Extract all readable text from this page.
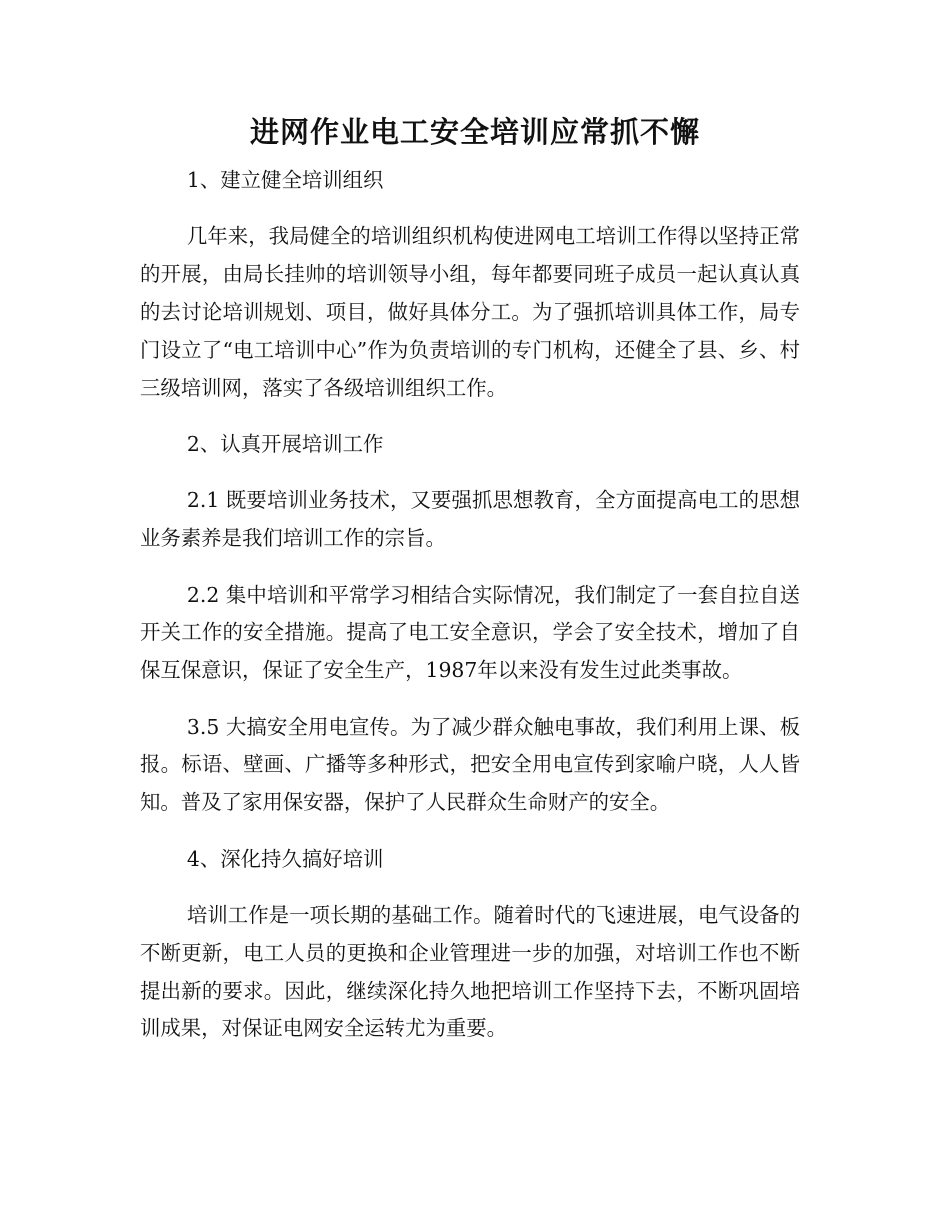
进网作业电工安全培训应常抓不懈

1、建立健全培训组织

几年来，我局健全的培训组织机构使进网电工培训工作得以坚持正常的开展，由局长挂帅的培训领导小组，每年都要同班子成员一起认真认真的去讨论培训规划、项目，做好具体分工。为了强抓培训具体工作，局专门设立了“电工培训中心”作为负责培训的专门机构，还健全了县、乡、村三级培训网，落实了各级培训组织工作。

2、认真开展培训工作

2.1 既要培训业务技术，又要强抓思想教育，全方面提高电工的思想业务素养是我们培训工作的宗旨。

2.2 集中培训和平常学习相结合实际情况，我们制定了一套自拉自送开关工作的安全措施。提高了电工安全意识，学会了安全技术，增加了自保互保意识，保证了安全生产，1987年以来没有发生过此类事故。

3.5 大搞安全用电宣传。为了减少群众触电事故，我们利用上课、板报。标语、壁画、广播等多种形式，把安全用电宣传到家喻户晓，人人皆知。普及了家用保安器，保护了人民群众生命财产的安全。

4、深化持久搞好培训

培训工作是一项长期的基础工作。随着时代的飞速进展，电气设备的不断更新，电工人员的更换和企业管理进一步的加强，对培训工作也不断提出新的要求。因此，继续深化持久地把培训工作坚持下去，不断巩固培训成果，对保证电网安全运转尤为重要。
